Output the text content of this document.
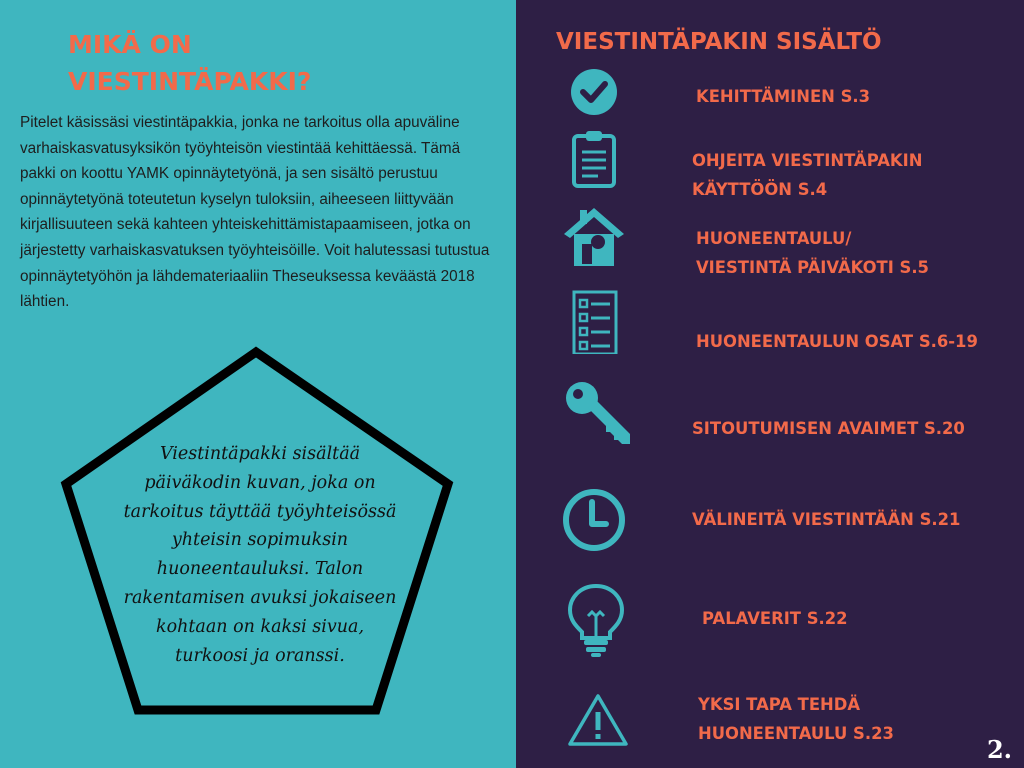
MIKÄ ON VIESTINTÄPAKKI?
Pitelet käsissäsi viestintäpakkia, jonka ne tarkoitus olla apuväline varhaiskasvatusyksikön työyhteisön viestintää kehittäessä. Tämä pakki on koottu YAMK opinnäytetyönä, ja sen sisältö perustuu opinnäytetyönä toteutetun kyselyn tuloksiin, aiheeseen liittyvään kirjallisuuteen sekä kahteen yhteiskehittämistapaamiseen, jotka on järjestetty varhaiskasvatuksen työyhteisöille. Voit halutessasi tutustua opinnäytetyöhön ja lähdemateriaaliin Theseuksessa keväästä 2018 lähtien.
Viestintäpakki sisältää päiväkodin kuvan, joka on tarkoitus täyttää työyhteisössä yhteisin sopimuksin huoneentauluksi. Talon rakentamisen avuksi jokaiseen kohtaan on kaksi sivua, turkoosi ja oranssi.
VIESTINTÄPAKIN SISÄLTÖ
KEHITTÄMINEN S.3
OHJEITA VIESTINTÄPAKIN
KÄYTTÖÖN S.4
HUONEENTAULU/
VIESTINTÄ PÄIVÄKOTI S.5
HUONEENTAULUN OSAT S.6-19
SITOUTUMISEN AVAIMET S.20
VÄLINEITÄ VIESTINTÄÄN S.21
PALAVERIT S.22
YKSI TAPA TEHDÄ
HUONEENTAULU S.23
2.
